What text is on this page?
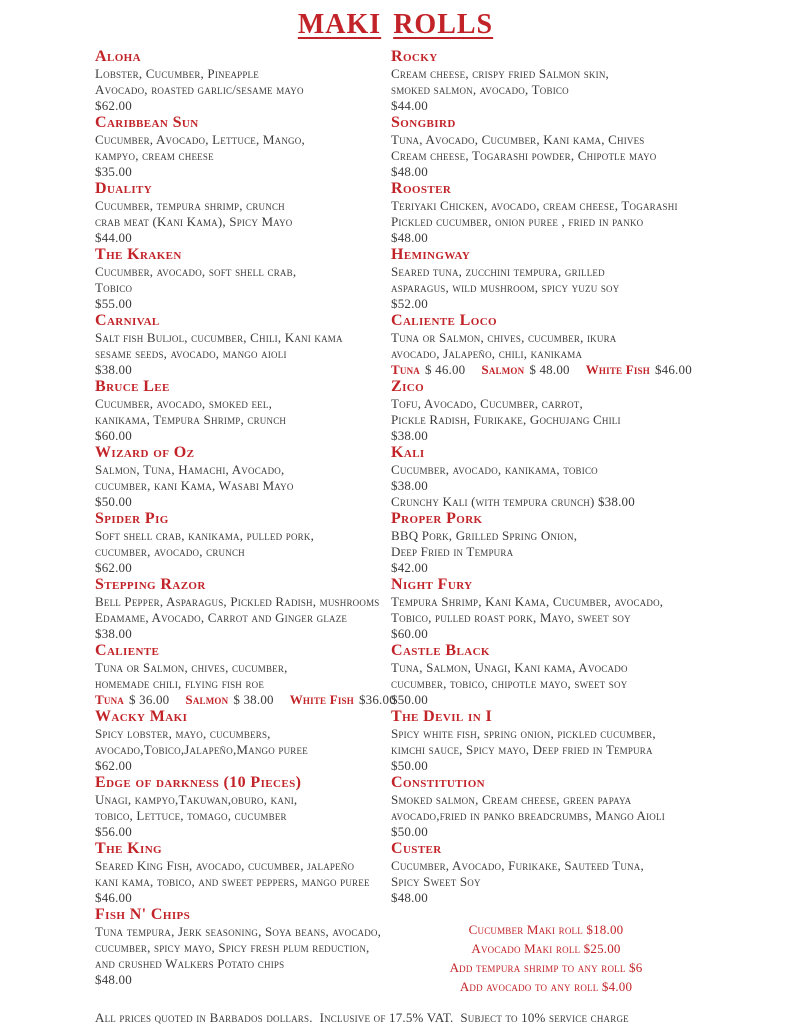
MAKI ROLLS
Aloha

Lobster, Cucumber, Pineapple

Avocado, roasted garlic/sesame mayo

$62.00

Caribbean Sun

Cucumber, Avocado, Lettuce, Mango,

kampyo, cream cheese

$35.00

Duality

Cucumber, tempura shrimp, crunch

crab meat (Kani Kama), Spicy Mayo

$44.00

The Kraken

Cucumber, avocado, soft shell crab,

Tobico

$55.00

Carnival

Salt fish Buljol, cucumber, Chili, Kani kama

sesame seeds, avocado, mango aioli

$38.00

Bruce Lee

Cucumber, avocado, smoked eel,

kanikama, Tempura Shrimp, crunch

$60.00

Wizard of Oz

Salmon, Tuna, Hamachi, Avocado,

cucumber, kani Kama, Wasabi Mayo

$50.00

Spider Pig

Soft shell crab, kanikama, pulled pork,

cucumber, avocado, crunch

$62.00

Stepping Razor

Bell Pepper, Asparagus, Pickled Radish, mushrooms

Edamame, Avocado, Carrot and Ginger glaze

$38.00

Caliente

Tuna or Salmon, chives, cucumber,

homemade chili, flying fish roe

Tuna $ 36.00 Salmon $ 38.00 White Fish $36.00

Wacky Maki

Spicy lobster, mayo, cucumbers,

avocado,Tobico,Jalapeño,Mango puree

$62.00

Edge of darkness (10 Pieces)

Unagi, kampyo,Takuwan,oburo, kani,

tobico, Lettuce, tomago, cucumber

$56.00

The King

Seared King Fish, avocado, cucumber, jalapeño

kani kama, tobico, and sweet peppers, mango puree

$46.00

Fish N' Chips

Tuna tempura, Jerk seasoning, Soya beans, avocado,

cucumber, spicy mayo, Spicy fresh plum reduction,

and crushed Walkers Potato chips

$48.00

Rocky

Cream cheese, crispy fried Salmon skin,

smoked salmon, avocado, Tobico

$44.00

Songbird

Tuna, Avocado, Cucumber, Kani kama, Chives

Cream cheese, Togarashi powder, Chipotle mayo

$48.00

Rooster

Teriyaki Chicken, avocado, cream cheese, Togarashi

Pickled cucumber, onion puree , fried in panko

$48.00

Hemingway

Seared tuna, zucchini tempura, grilled

asparagus, wild mushroom, spicy yuzu soy

$52.00

Caliente Loco

Tuna or Salmon, chives, cucumber, ikura

avocado, Jalapeño, chili, kanikama

Tuna $ 46.00 Salmon $ 48.00 White Fish $46.00

Zico

Tofu, Avocado, Cucumber, carrot,

Pickle Radish, Furikake, Gochujang Chili

$38.00

Kali

Cucumber, avocado, kanikama, tobico

$38.00

Crunchy Kali (with tempura crunch) $38.00

Proper Pork

BBQ Pork, Grilled Spring Onion,

Deep Fried in Tempura

$42.00

Night Fury

Tempura Shrimp, Kani Kama, Cucumber, avocado,

Tobico, pulled roast pork, Mayo, sweet soy

$60.00

Castle Black

Tuna, Salmon, Unagi, Kani kama, Avocado

cucumber, tobico, chipotle mayo, sweet soy

$50.00

The Devil in I

Spicy white fish, spring onion, pickled cucumber,

kimchi sauce, Spicy mayo, Deep fried in Tempura

$50.00

Constitution

Smoked salmon, Cream cheese, green papaya

avocado,fried in panko breadcrumbs, Mango Aioli

$50.00

Custer

Cucumber, Avocado, Furikake, Sauteed Tuna,

Spicy Sweet Soy

$48.00

Cucumber Maki roll $18.00

Avocado Maki roll $25.00

Add tempura shrimp to any roll $6

Add avocado to any roll $4.00

All prices quoted in Barbados dollars.  Inclusive of 17.5% VAT.  Subject to 10% service charge
